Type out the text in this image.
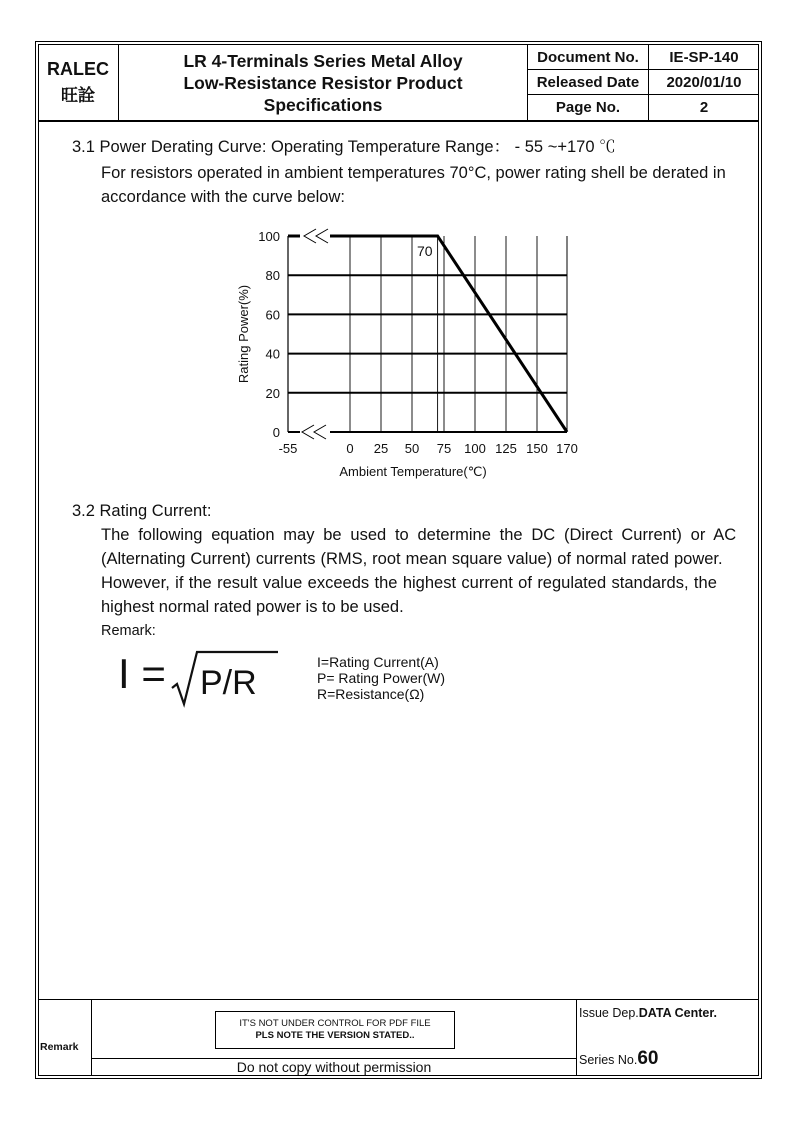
RALEC
旺詮
LR 4-Terminals Series Metal Alloy
Low-Resistance Resistor Product
Specifications
Document No.	IE-SP-140
Released Date	2020/01/10
Page No.	2
3.1 Power Derating Curve: Operating Temperature Range： - 55 ~+170 ℃
For resistors operated in ambient temperatures 70°C, power rating shell be derated in
accordance with the curve below:
0
20
40
60
80
100
-55	0 25 50 75 100 125 150 170
70
Ambient Temperature(℃)
Rating Power(%)
3.2 Rating Current:
The following equation may be used to determine the DC (Direct Current) or AC
(Alternating Current) currents (RMS, root mean square value) of normal rated power.
However, if the result value exceeds the highest current of regulated standards, the
highest normal rated power is to be used.
Remark:
I = P/R
I=Rating Current(A)
P= Rating Power(W)
R=Resistance(Ω)
Remark
IT'S NOT UNDER CONTROL FOR PDF FILE
PLS NOTE THE VERSION STATED..
Do not copy without permission
Issue Dep.DATA Center.
Series No.60
